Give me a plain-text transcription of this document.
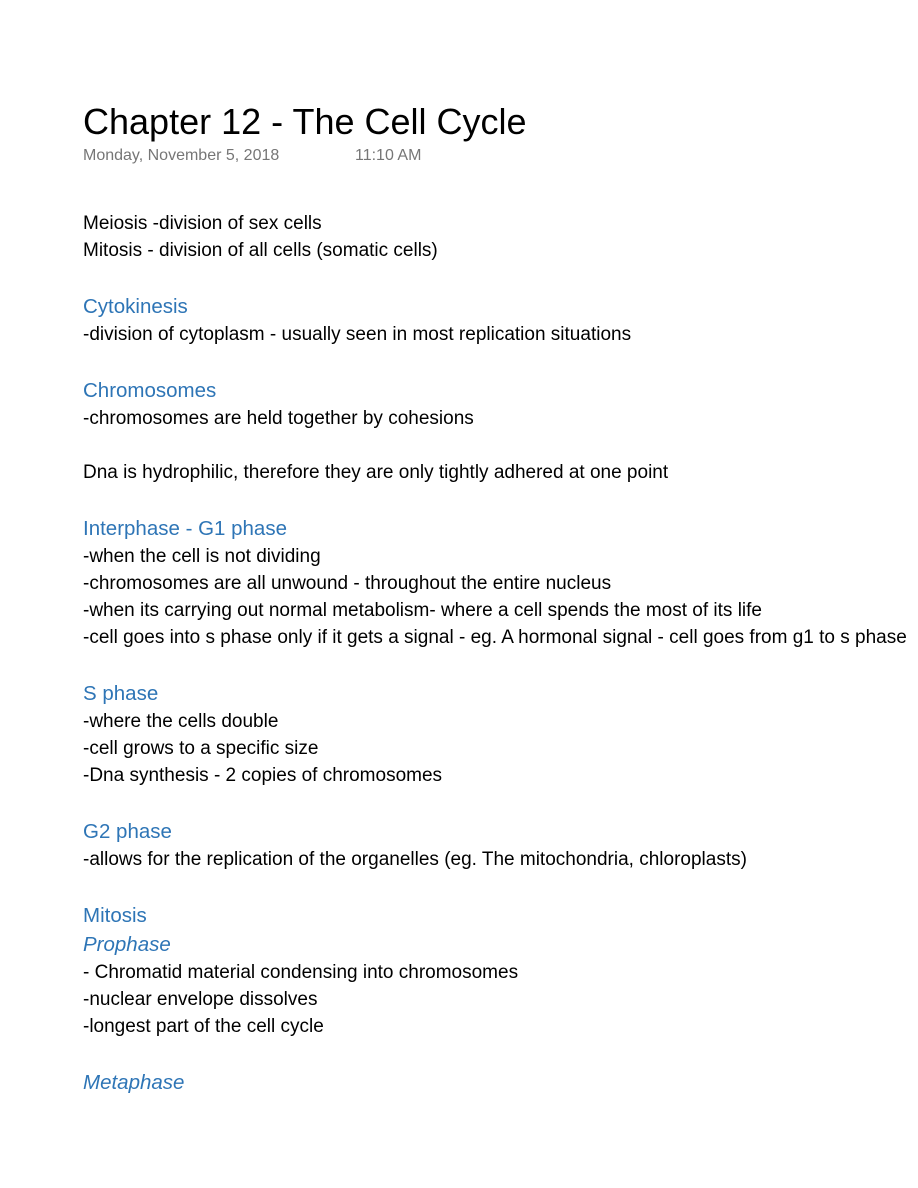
Chapter 12 - The Cell Cycle
Monday, November 5, 2018	11:10 AM
Meiosis -division of sex cells
Mitosis - division of all cells (somatic cells)
Cytokinesis
-division of cytoplasm - usually seen in most replication situations
Chromosomes
-chromosomes are held together by cohesions
Dna is hydrophilic, therefore they are only tightly adhered at one point
Interphase - G1 phase
-when the cell is not dividing
-chromosomes are all unwound - throughout the entire nucleus
-when its carrying out normal metabolism- where a cell spends the most of its life
-cell goes into s phase only if it gets a signal - eg. A hormonal signal - cell goes from g1 to s phase
S phase
-where the cells double
-cell grows to a specific size
-Dna synthesis - 2 copies of chromosomes
G2 phase
-allows for the replication of the organelles (eg. The mitochondria, chloroplasts)
Mitosis
Prophase
- Chromatid material condensing into chromosomes
-nuclear envelope dissolves
-longest part of the cell cycle
Metaphase
